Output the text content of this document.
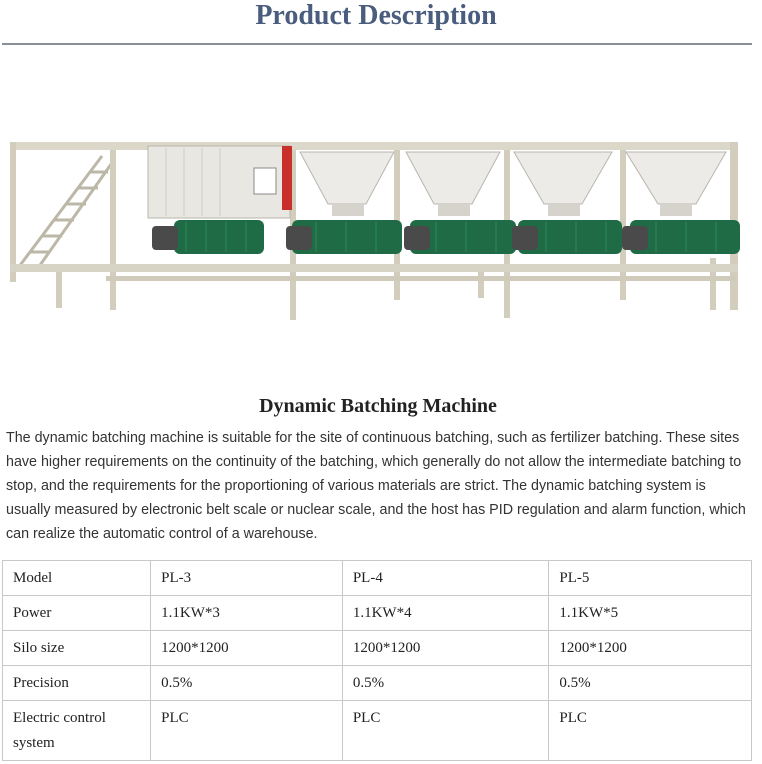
Product Description
Dynamic Batching Machine

The dynamic batching machine is suitable for the site of continuous batching, such as fertilizer batching. These sites have higher requirements on the continuity of the batching, which generally do not allow the intermediate batching to stop, and the requirements for the proportioning of various materials are strict. The dynamic batching system is usually measured by electronic belt scale or nuclear scale, and the host has PID regulation and alarm function, which can realize the automatic control of a warehouse.

Model	PL-3	PL-4	PL-5
Power	1.1KW*3	1.1KW*4	1.1KW*5
Silo size	1200*1200	1200*1200	1200*1200
Precision	0.5%	0.5%	0.5%
Electric control system	PLC	PLC	PLC
